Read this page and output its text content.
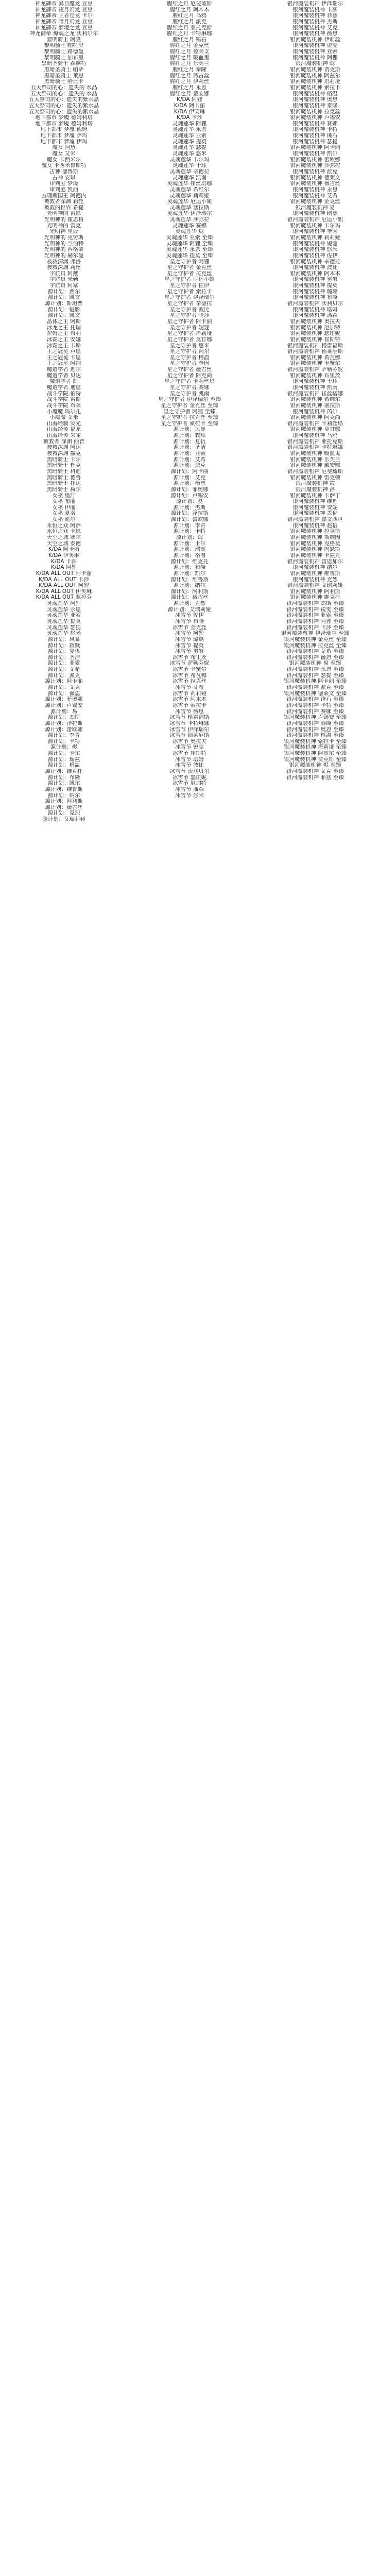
神龙御帝 暴目魔龙 豆豆
神龙御帝 夜月幻龙 豆豆
神龙御帝 王者苍龙 卡尔
神龙御帝 暗月幻龙 豆豆
神龙御帝 梦境之龙 豆豆
神龙御帝 燎魂之龙 沃利尔尔
黎明骑士 阿隆
黎明骑士 帕特里
黎明骑士 路德曼
黎明骑士 加布里
黑暗圣骑士 森嗣特
黑暗圣骑士 帕萨
黑暗圣骑士 莱恩
黑暗骑士 哈比卡
五大祭司的心：遗失的 水晶
五大祭司的心：遗失的 水晶
五大祭司的心：遗失的紫水晶
五大祭司的心：遗失的紫水晶
五大祭司的心：遗失的紫水晶
地下都市 梦魇 德姆利塔
地下都市 梦魇 德姆利塔
地下都市 梦魇 德姆
地下都市 梦魇 萨玛
地下都市 梦魇 伊玛
魔女 阿黛
魔女 艾米
魔女 卡西米尔
魔女 卡西米鲁斯特
古神 德鲁斯
古神 安琪
审判庭 梦境
审判庭 凯西
查理斯国王 阿德内
被救者深渊 莉丝
被救的世界 希提
光明神的 雷恩
光明神的 霍恩格
光明神的 雷克
光明神 星辰
光明神的 克劳斯
光明神的 兰伯特
光明神的 西格蒙
光明神的 赫尔曼
被救深渊 弗洛
被救深渊 莉丝
宇航员 阿戴
宇航员 米勒
宇航员 阿塞
源计划：西尔
源计划：凯文
源计划：斯坦普
源计划：魅影
源计划：凯文
晶体之王 阿斯
冰龙之王 托瑞
拉姆之王 布利
冰霜之主 安娜
冰霜之主 卡斯
王之冠冕 卢恩
王之冠冕 卡恩
王之冠冕 阿纳
魔道学者 迦尔
魔道学者 贝达
魔道学者 凯
魔道学者 迪恩
战斗学院 伯特
战斗学院 雷斯
战斗学院 布莱
小魔魔 玛尔扎
小魔魔 艾米
山海经骑 荧光
山海经传 福龙
山海经传 朱雀
被救者 深渊 西普
被救深渊 阿达
被救深渊 撒克
黑暗骑士 卡尔
黑暗骑士 杜克
黑暗骑士 科迪
黑暗骑士 德鲁
黑暗骑士 托达
黑暗骑士 赫尔
女巫 奥汀
女巫 布丽
女巫 伊丽
女巫 夏洛
女巫 凯尔
永恒之众 阿萨
永恒之众 卡恩
天空之城 塞尔
天空之城 泰德
K/DA 阿卡丽
K/DA 伊芙琳
K/DA 卡莎
K/DA 阿狸
K/DA ALL OUT 阿卡丽
K/DA ALL OUT 卡莎
K/DA ALL OUT 阿狸
K/DA ALL OUT 伊芙琳
K/DA ALL OUT 塞拉芬
灵魂莲华 阿狸
灵魂莲华 永恩
灵魂莲华 亚索
灵魂莲华 提莫
灵魂莲华 瑟提
灵魂莲华 悠米
源计划：风暴
源计划：救赎
源计划：复仇
源计划：圣洁
源计划：亚索
源计划：艾希
源计划：派克
源计划：阿卡丽
源计划：艾克
源计划：薇恩
源计划：菲奥娜
源计划：卢锡安
源计划：易
源计划：杰斯
源计划：泽拉斯
源计划：蕾欧娜
源计划：李青
源计划：卡特
源计划：烬
源计划：卡尔
源计划：瑞兹
源计划：格温
源计划：维克托
源计划：布隆
源计划：凯尔
源计划：维鲁斯
源计划：纳尔
源计划：阿利斯
源计划：薇古丝
源计划：克烈
源计划：艾瑞莉娅
腥红之月 厄斐琉斯
腥红之月 阿木木
腥红之月 乌鸦
腥红之月 派克
腥红之月 亚托克斯
腥红之月 卡特琳娜
腥红之月 锤石
腥红之月 金克丝
腥红之月 德莱文
腥红之月 吸血鬼
腥红之月 乐芙兰
腥红之月 泰隆
腥红之月 薇古丝
腥红之月 伊莉丝
腥红之月 永恩
腥红之月 戴安娜
K/DA 阿狸
K/DA 阿卡丽
K/DA 伊芙琳
K/DA 卡莎
灵魂莲华 阿狸
灵魂莲华 永恩
灵魂莲华 亚索
灵魂莲华 提莫
灵魂莲华 瑟提
灵魂莲华 悠米
灵魂莲华 卡尔玛
灵魂莲华 千珏
灵魂莲华 辛德拉
灵魂莲华 凯南
灵魂莲华 崔丝塔娜
灵魂莲华 希维尔
灵魂莲华 莉莉娅
灵魂莲华 厄运小姐
灵魂莲华 塞拉斯
灵魂莲华 伊泽瑞尔
灵魂莲华 莎弥拉
灵魂莲华 赛娜
灵魂莲华 烬
灵魂莲华 亚索 至臻
灵魂莲华 阿狸 至臻
灵魂莲华 永恩 至臻
灵魂莲华 提莫 至臻
星之守护者 阿狸
星之守护者 金克丝
星之守护者 拉克丝
星之守护者 厄运小姐
星之守护者 佐伊
星之守护者 索拉卡
星之守护者 伊泽瑞尔
星之守护者 辛德拉
星之守护者 波比
星之守护者 卡莎
星之守护者 阿卡丽
星之守护者 妮蔻
星之守护者 塔莉垭
星之守护者 莫甘娜
星之守护者 悠米
星之守护者 芮尔
星之守护者 格温
星之守护者 奎因
星之守护者 薇古丝
星之守护者 阿克尚
星之守护者 卡莉丝塔
星之守护者 赛娜
星之守护者 凯南
星之守护者 伊泽瑞尔 至臻
星之守护者 金克丝 至臻
星之守护者 阿狸 至臻
星之守护者 拉克丝 至臻
星之守护者 索拉卡 至臻
源计划：风暴
源计划：救赎
源计划：复仇
源计划：圣洁
源计划：亚索
源计划：艾希
源计划：派克
源计划：阿卡丽
源计划：艾克
源计划：薇恩
源计划：菲奥娜
源计划：卢锡安
源计划：易
源计划：杰斯
源计划：泽拉斯
源计划：蕾欧娜
源计划：李青
源计划：卡特
源计划：烬
源计划：卡尔
源计划：瑞兹
源计划：格温
源计划：维克托
源计划：布隆
源计划：凯尔
源计划：维鲁斯
源计划：纳尔
源计划：阿利斯
源计划：薇古丝
源计划：克烈
源计划：艾瑞莉娅
冰雪节 佐伊
冰雪节 布隆
冰雪节 金克丝
冰雪节 阿狸
冰雪节 璐璐
冰雪节 提莫
冰雪节 努努
冰雪节 布里茨
冰雪节 萨勒芬妮
冰雪节 卡蜜尔
冰雪节 希瓦娜
冰雪节 拉克丝
冰雪节 艾希
冰雪节 莉莉娅
冰雪节 阿木木
冰雪节 索拉卡
冰雪节 薇恩
冰雪节 格雷福斯
冰雪节 卡特琳娜
冰雪节 伊泽瑞尔
冰雪节 德莱厄斯
冰雪节 奥拉夫
冰雪节 锐雯
冰雪节 崔斯特
冰雪节 塔姆
冰雪节 波比
冰雪节 沃利贝尔
冰雪节 瑟庄妮
冰雪节 厄加特
冰雪节 潘森
冰雪节 悠米
银河魔装机神 伊泽瑞尔
银河魔装机神 卡莎
银河魔装机神 菲兹
银河魔装机神 杰斯
银河魔装机神 艾克
银河魔装机神 薇恩
银河魔装机神 伊莉丝
银河魔装机神 锐雯
银河魔装机神 亚索
银河魔装机神 阿狸
银河魔装机神 烬
银河魔装机神 贾克斯
银河魔装机神 阿兹尔
银河魔装机神 塔莉垭
银河魔装机神 索拉卡
银河魔装机神 格温
银河魔装机神 奥恩
银河魔装机神 泰隆
银河魔装机神 拉克丝
银河魔装机神 卢锡安
银河魔装机神 赛娜
银河魔装机神 卡特
银河魔装机神 锤石
银河魔装机神 瑟提
银河魔装机神 阿卡丽
银河魔装机神 凯尔
银河魔装机神 蕾欧娜
银河魔装机神 莎弥拉
银河魔装机神 派克
银河魔装机神 德莱文
银河魔装机神 薇古丝
银河魔装机神 永恩
银河魔装机神 艾希
银河魔装机神 金克丝
银河魔装机神 易
银河魔装机神 瑞兹
银河魔装机神 厄运小姐
银河魔装机神 卡尔玛
银河魔装机神 奎因
银河魔装机神 莉莉娅
银河魔装机神 妮蔻
银河魔装机神 悠米
银河魔装机神 佐伊
银河魔装机神 辛德拉
银河魔装机神 波比
银河魔装机神 阿木木
银河魔装机神 努努
银河魔装机神 提莫
银河魔装机神 璐璐
银河魔装机神 布隆
银河魔装机神 沃利贝尔
银河魔装机神 塔姆
银河魔装机神 潘森
银河魔装机神 奥拉夫
银河魔装机神 厄加特
银河魔装机神 瑟庄妮
银河魔装机神 崔斯特
银河魔装机神 格雷福斯
银河魔装机神 德莱厄斯
银河魔装机神 希瓦娜
银河魔装机神 卡蜜尔
银河魔装机神 萨勒芬妮
银河魔装机神 布里茨
银河魔装机神 千珏
银河魔装机神 凯南
银河魔装机神 崔丝塔娜
银河魔装机神 希维尔
银河魔装机神 塞拉斯
银河魔装机神 芮尔
银河魔装机神 阿克尚
银河魔装机神 卡莉丝塔
银河魔装机神 莫甘娜
银河魔装机神 乌鸦
银河魔装机神 亚托克斯
银河魔装机神 卡特琳娜
银河魔装机神 吸血鬼
银河魔装机神 乐芙兰
银河魔装机神 戴安娜
银河魔装机神 厄斐琉斯
银河魔装机神 雷克顿
银河魔装机神 霞
银河魔装机神 洛
银河魔装机神 卡萨丁
银河魔装机神 维迦
银河魔装机神 安妮
银河魔装机神 盖伦
银河魔装机神 嘉文四世
银河魔装机神 赵信
银河魔装机神 拉莫斯
银河魔装机神 斯维因
银河魔装机神 克格莫
银河魔装机神 内瑟斯
银河魔装机神 卡兹克
银河魔装机神 雷恩加尔
银河魔装机神 纳尔
银河魔装机神 维鲁斯
银河魔装机神 克烈
银河魔装机神 艾瑞莉娅
银河魔装机神 阿利斯
银河魔装机神 维克托
银河魔装机神 杰斯 至臻
银河魔装机神 锐雯 至臻
银河魔装机神 亚索 至臻
银河魔装机神 阿狸 至臻
银河魔装机神 卡莎 至臻
银河魔装机神 伊泽瑞尔 至臻
银河魔装机神 金克丝 至臻
银河魔装机神 拉克丝 至臻
银河魔装机神 艾希 至臻
银河魔装机神 薇恩 至臻
银河魔装机神 易 至臻
银河魔装机神 永恩 至臻
银河魔装机神 瑟提 至臻
银河魔装机神 阿卡丽 至臻
银河魔装机神 派克 至臻
银河魔装机神 德莱文 至臻
银河魔装机神 锤石 至臻
银河魔装机神 卡特 至臻
银河魔装机神 赛娜 至臻
银河魔装机神 卢锡安 至臻
银河魔装机神 泰隆 至臻
银河魔装机神 奥恩 至臻
银河魔装机神 格温 至臻
银河魔装机神 索拉卡 至臻
银河魔装机神 塔莉垭 至臻
银河魔装机神 阿兹尔 至臻
银河魔装机神 贾克斯 至臻
银河魔装机神 烬 至臻
银河魔装机神 艾克 至臻
银河魔装机神 菲兹 至臻
